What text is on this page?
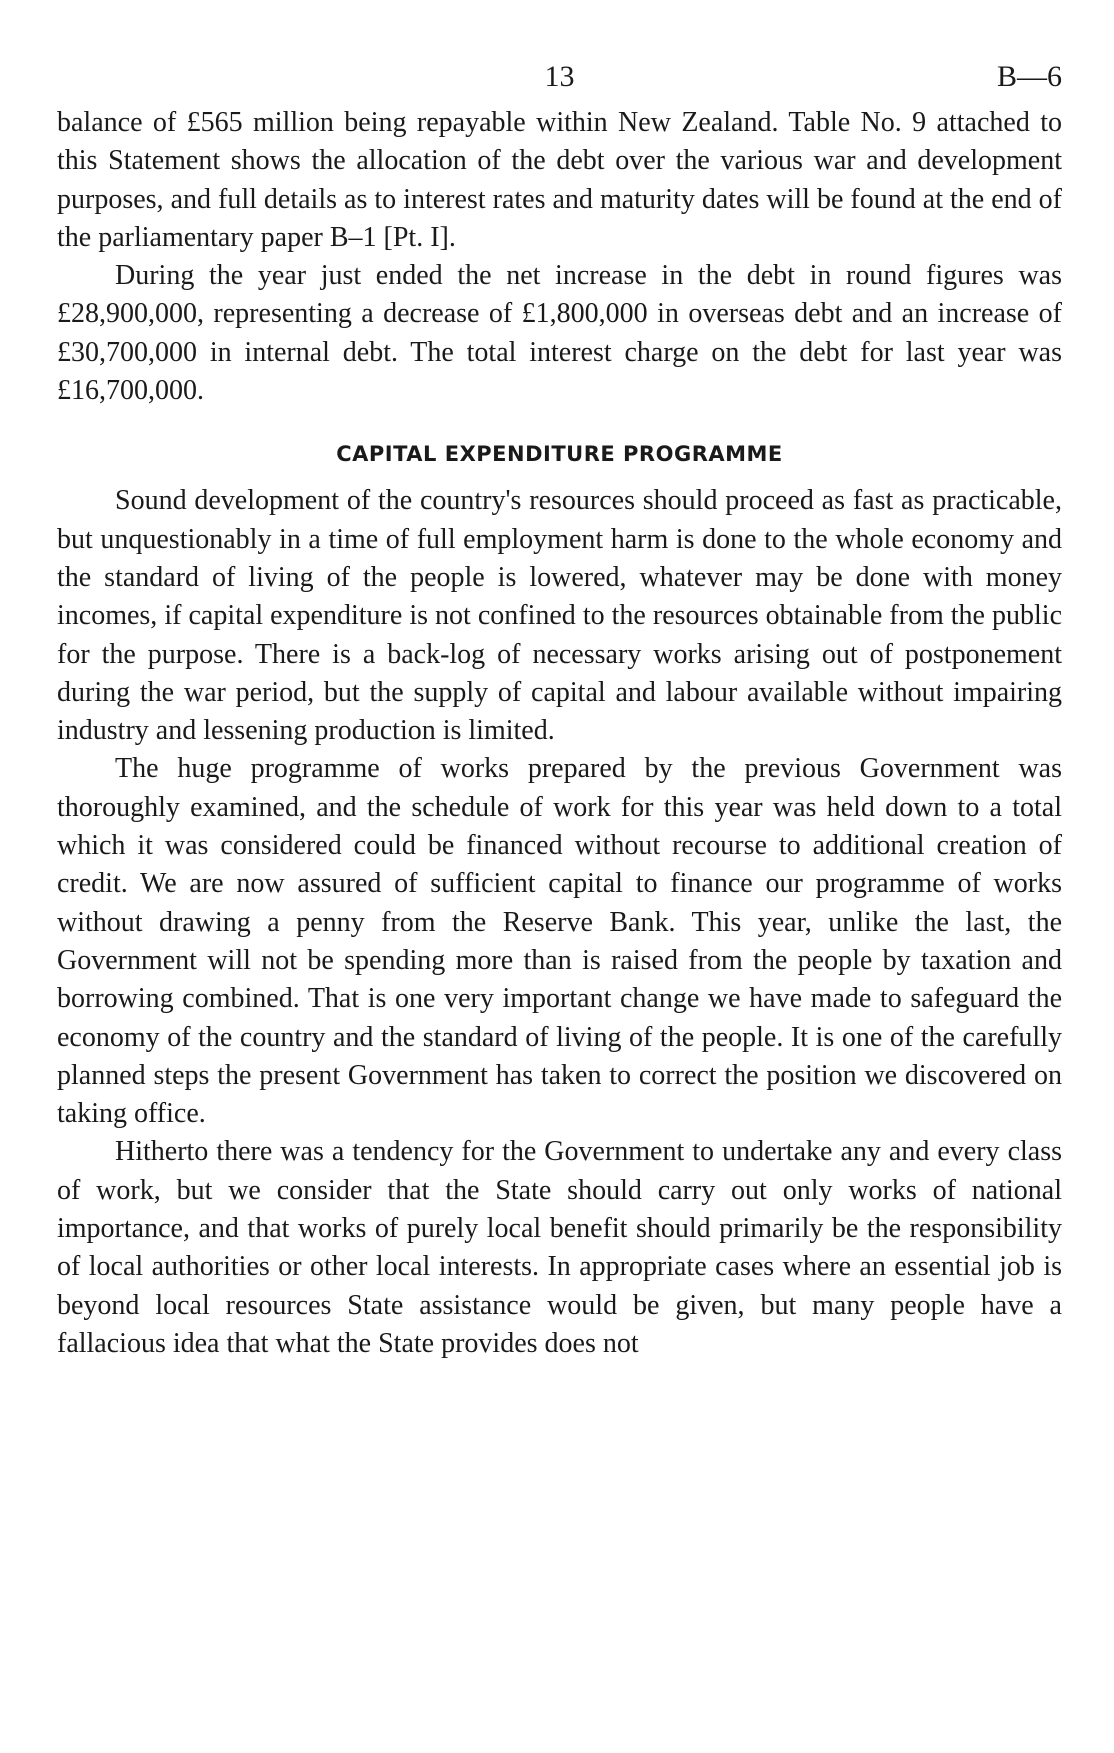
13	B—6

balance of £565 million being repayable within New Zealand. Table No. 9 attached to this Statement shows the allocation of the debt over the various war and development purposes, and full details as to interest rates and maturity dates will be found at the end of the parliamentary paper B–1 [Pt. I].

During the year just ended the net increase in the debt in round figures was £28,900,000, representing a decrease of £1,800,000 in overseas debt and an increase of £30,700,000 in internal debt. The total interest charge on the debt for last year was £16,700,000.

CAPITAL EXPENDITURE PROGRAMME

Sound development of the country's resources should proceed as fast as practicable, but unquestionably in a time of full employment harm is done to the whole economy and the standard of living of the people is lowered, whatever may be done with money incomes, if capital expenditure is not confined to the resources obtainable from the public for the purpose. There is a back-log of necessary works arising out of postponement during the war period, but the supply of capital and labour available without impairing industry and lessening production is limited.

The huge programme of works prepared by the previous Government was thoroughly examined, and the schedule of work for this year was held down to a total which it was considered could be financed without recourse to additional creation of credit. We are now assured of sufficient capital to finance our programme of works without drawing a penny from the Reserve Bank. This year, unlike the last, the Government will not be spending more than is raised from the people by taxation and borrowing combined. That is one very important change we have made to safeguard the economy of the country and the standard of living of the people. It is one of the carefully planned steps the present Government has taken to correct the position we discovered on taking office.

Hitherto there was a tendency for the Government to undertake any and every class of work, but we consider that the State should carry out only works of national importance, and that works of purely local benefit should primarily be the responsibility of local authorities or other local interests. In appropriate cases where an essential job is beyond local resources State assistance would be given, but many people have a fallacious idea that what the State provides does not
